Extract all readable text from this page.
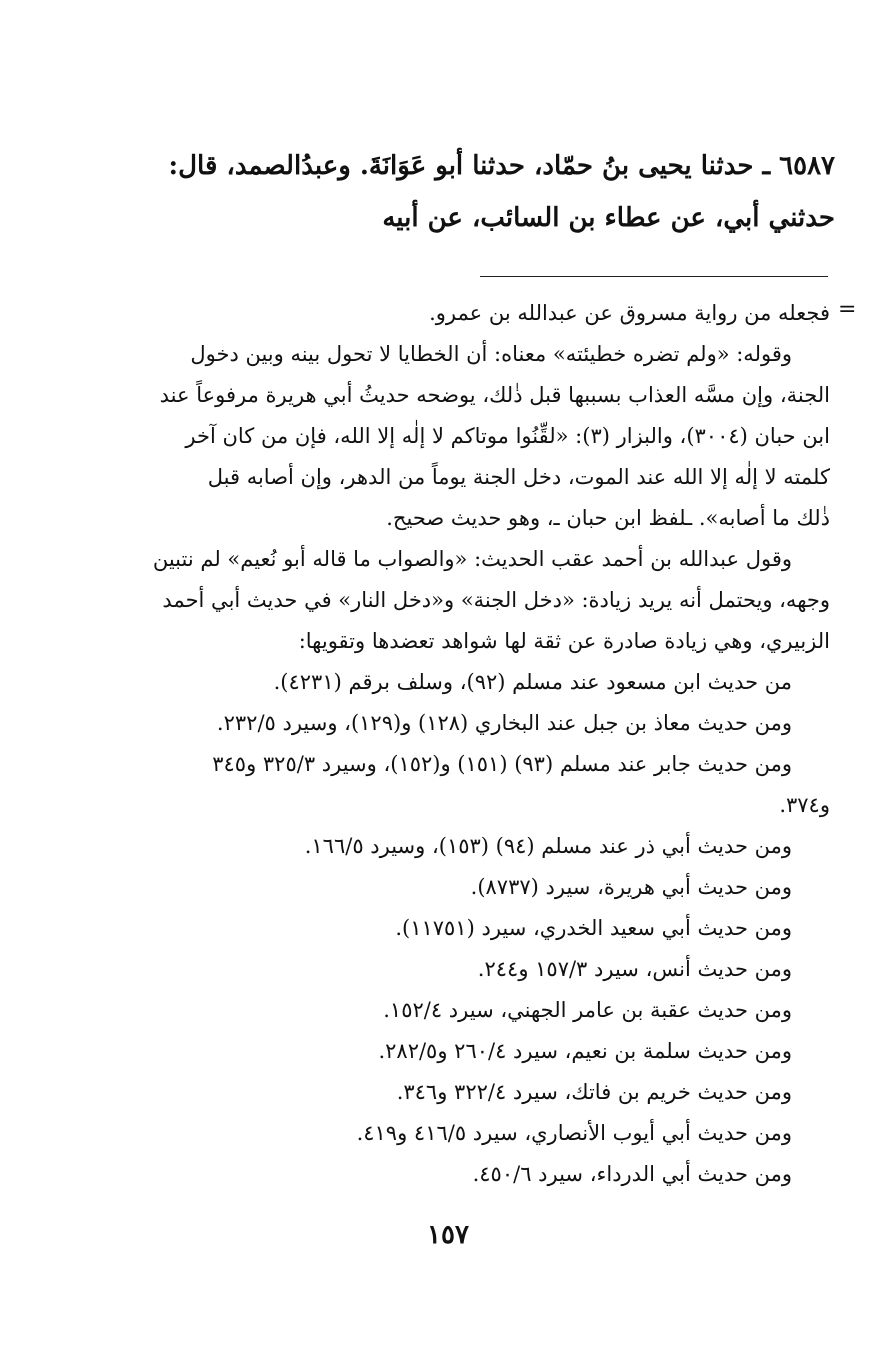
٦٥٨٧ ـ حدثنا يحيى بنُ حمّاد، حدثنا أبو عَوَانَةَ. وعبدُالصمد، قال:
حدثني أبي، عن عطاء بن السائب، عن أبيه
=
فجعله من رواية مسروق عن عبدالله بن عمرو.
وقوله: «ولم تضره خطيئته» معناه: أن الخطايا لا تحول بينه وبين دخول
الجنة، وإن مسَّه العذاب بسببها قبل ذٰلك، يوضحه حديثُ أبي هريرة مرفوعاً عند
ابن حبان (٣٠٠٤)، والبزار (٣): «لقِّنُوا موتاكم لا إلٰه إلا الله، فإن من كان آخر
كلمته لا إلٰه إلا الله عند الموت، دخل الجنة يوماً من الدهر، وإن أصابه قبل
ذٰلك ما أصابه». ـلفظ ابن حبان ـ، وهو حديث صحيح.
وقول عبدالله بن أحمد عقب الحديث: «والصواب ما قاله أبو نُعيم» لم نتبين
وجهه، ويحتمل أنه يريد زيادة: «دخل الجنة» و«دخل النار» في حديث أبي أحمد
الزبيري، وهي زيادة صادرة عن ثقة لها شواهد تعضدها وتقويها:
من حديث ابن مسعود عند مسلم (٩٢)، وسلف برقم (٤٢٣١).
ومن حديث معاذ بن جبل عند البخاري (١٢٨) و(١٢٩)، وسيرد ٢٣٢/٥.
ومن حديث جابر عند مسلم (٩٣) (١٥١) و(١٥٢)، وسيرد ٣٢٥/٣ و٣٤٥
و٣٧٤.
ومن حديث أبي ذر عند مسلم (٩٤) (١٥٣)، وسيرد ١٦٦/٥.
ومن حديث أبي هريرة، سيرد (٨٧٣٧).
ومن حديث أبي سعيد الخدري، سيرد (١١٧٥١).
ومن حديث أنس، سيرد ١٥٧/٣ و٢٤٤.
ومن حديث عقبة بن عامر الجهني، سيرد ١٥٢/٤.
ومن حديث سلمة بن نعيم، سيرد ٢٦٠/٤ و٢٨٢/٥.
ومن حديث خريم بن فاتك، سيرد ٣٢٢/٤ و٣٤٦.
ومن حديث أبي أيوب الأنصاري، سيرد ٤١٦/٥ و٤١٩.
ومن حديث أبي الدرداء، سيرد ٤٥٠/٦.
١٥٧
